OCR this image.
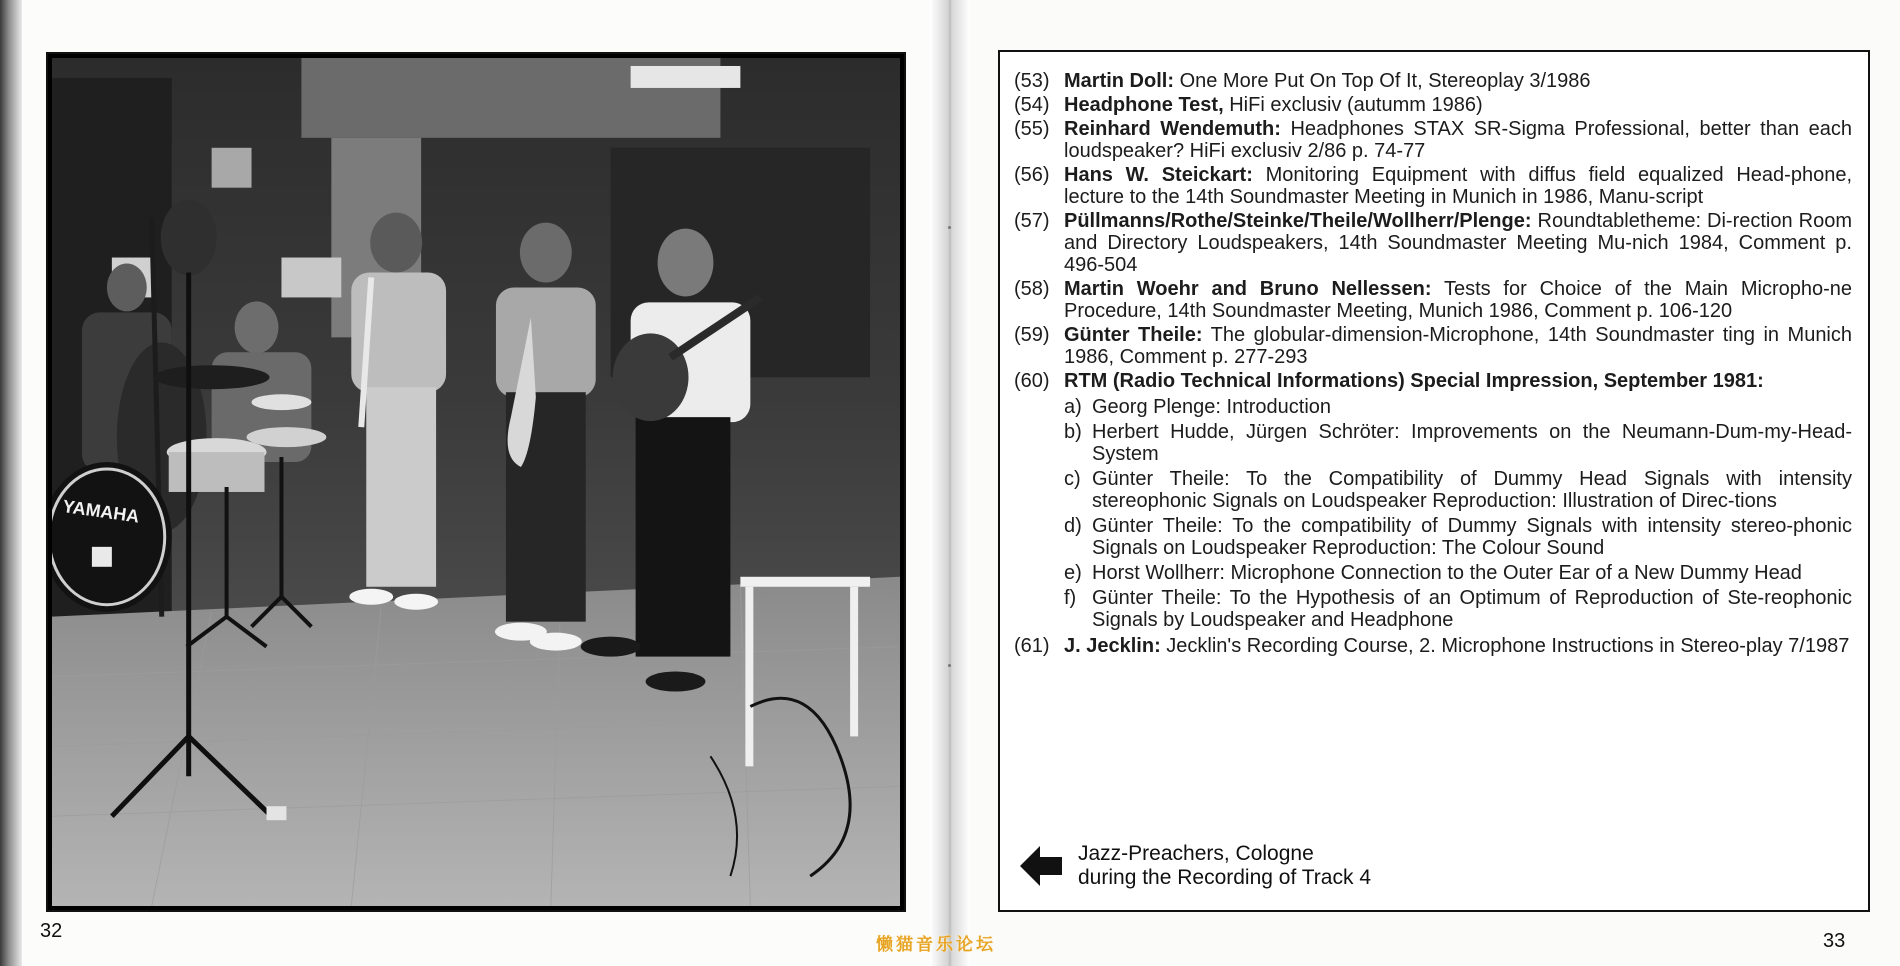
YAMAHA
32
(53) Martin Doll: One More Put On Top Of It, Stereoplay 3/1986
(54) Headphone Test, HiFi exclusiv (autumm 1986)
(55) Reinhard Wendemuth: Headphones STAX SR-Sigma Professional, better than each loudspeaker? HiFi exclusiv 2/86 p. 74-77
(56) Hans W. Steickart: Monitoring Equipment with diffus field equalized Head-phone, lecture to the 14th Soundmaster Meeting in Munich in 1986, Manu-script
(57) Püllmanns/Rothe/Steinke/Theile/Wollherr/Plenge: Roundtabletheme: Di-rection Room and Directory Loudspeakers, 14th Soundmaster Meeting Mu-nich 1984, Comment p. 496-504
(58) Martin Woehr and Bruno Nellessen: Tests for Choice of the Main Micropho-ne Procedure, 14th Soundmaster Meeting, Munich 1986, Comment p. 106-120
(59) Günter Theile: The globular-dimension-Microphone, 14th Soundmaster ting in Munich 1986, Comment p. 277-293
(60) RTM (Radio Technical Informations) Special Impression, September 1981:
a) Georg Plenge: Introduction
b) Herbert Hudde, Jürgen Schröter: Improvements on the Neumann-Dum-my-Head-System
c) Günter Theile: To the Compatibility of Dummy Head Signals with intensity stereophonic Signals on Loudspeaker Reproduction: Illustration of Direc-tions
d) Günter Theile: To the compatibility of Dummy Signals with intensity stereo-phonic Signals on Loudspeaker Reproduction: The Colour Sound
e) Horst Wollherr: Microphone Connection to the Outer Ear of a New Dummy Head
f) Günter Theile: To the Hypothesis of an Optimum of Reproduction of Ste-reophonic Signals by Loudspeaker and Headphone
(61) J. Jecklin: Jecklin's Recording Course, 2. Microphone Instructions in Stereo-play 7/1987
Jazz-Preachers, Cologne
during the Recording of Track 4
33
懒猫音乐论坛
